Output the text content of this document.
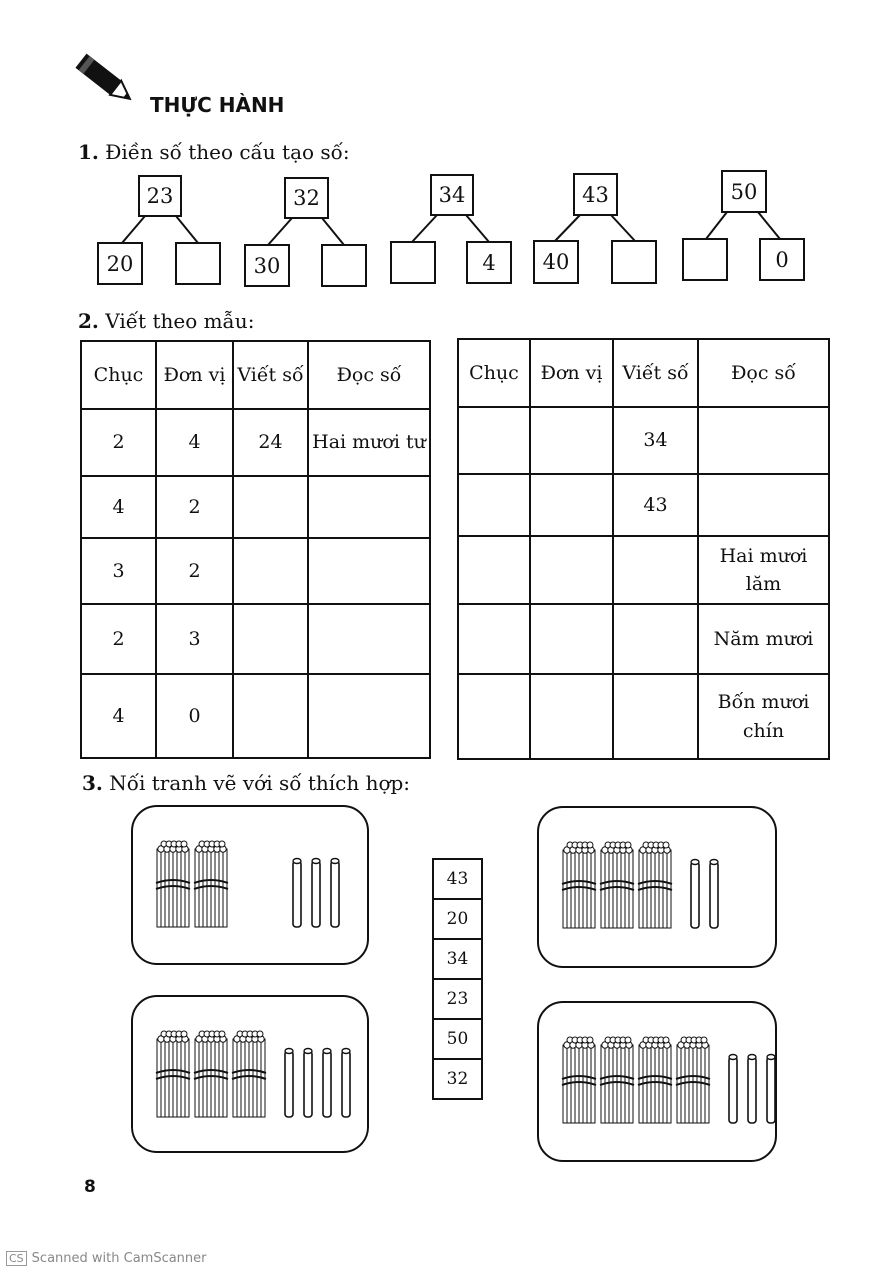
THỰC HÀNH
1. Điền số theo cấu tạo số:
23
20
32
30
34
4
43
40
50
0
2. Viết theo mẫu:
Chục	Đơn vị	Viết số	Đọc số
2	4	24	Hai mươi tư
4	2		
3	2		
2	3		
4	0		
Chục	Đơn vị	Viết số	Đọc số
		34	
		43	
			Hai mươi lăm
			Năm mươi
			Bốn mươi chín
3. Nối tranh vẽ với số thích hợp:
43
20
34
23
50
32
8
CS Scanned with CamScanner
